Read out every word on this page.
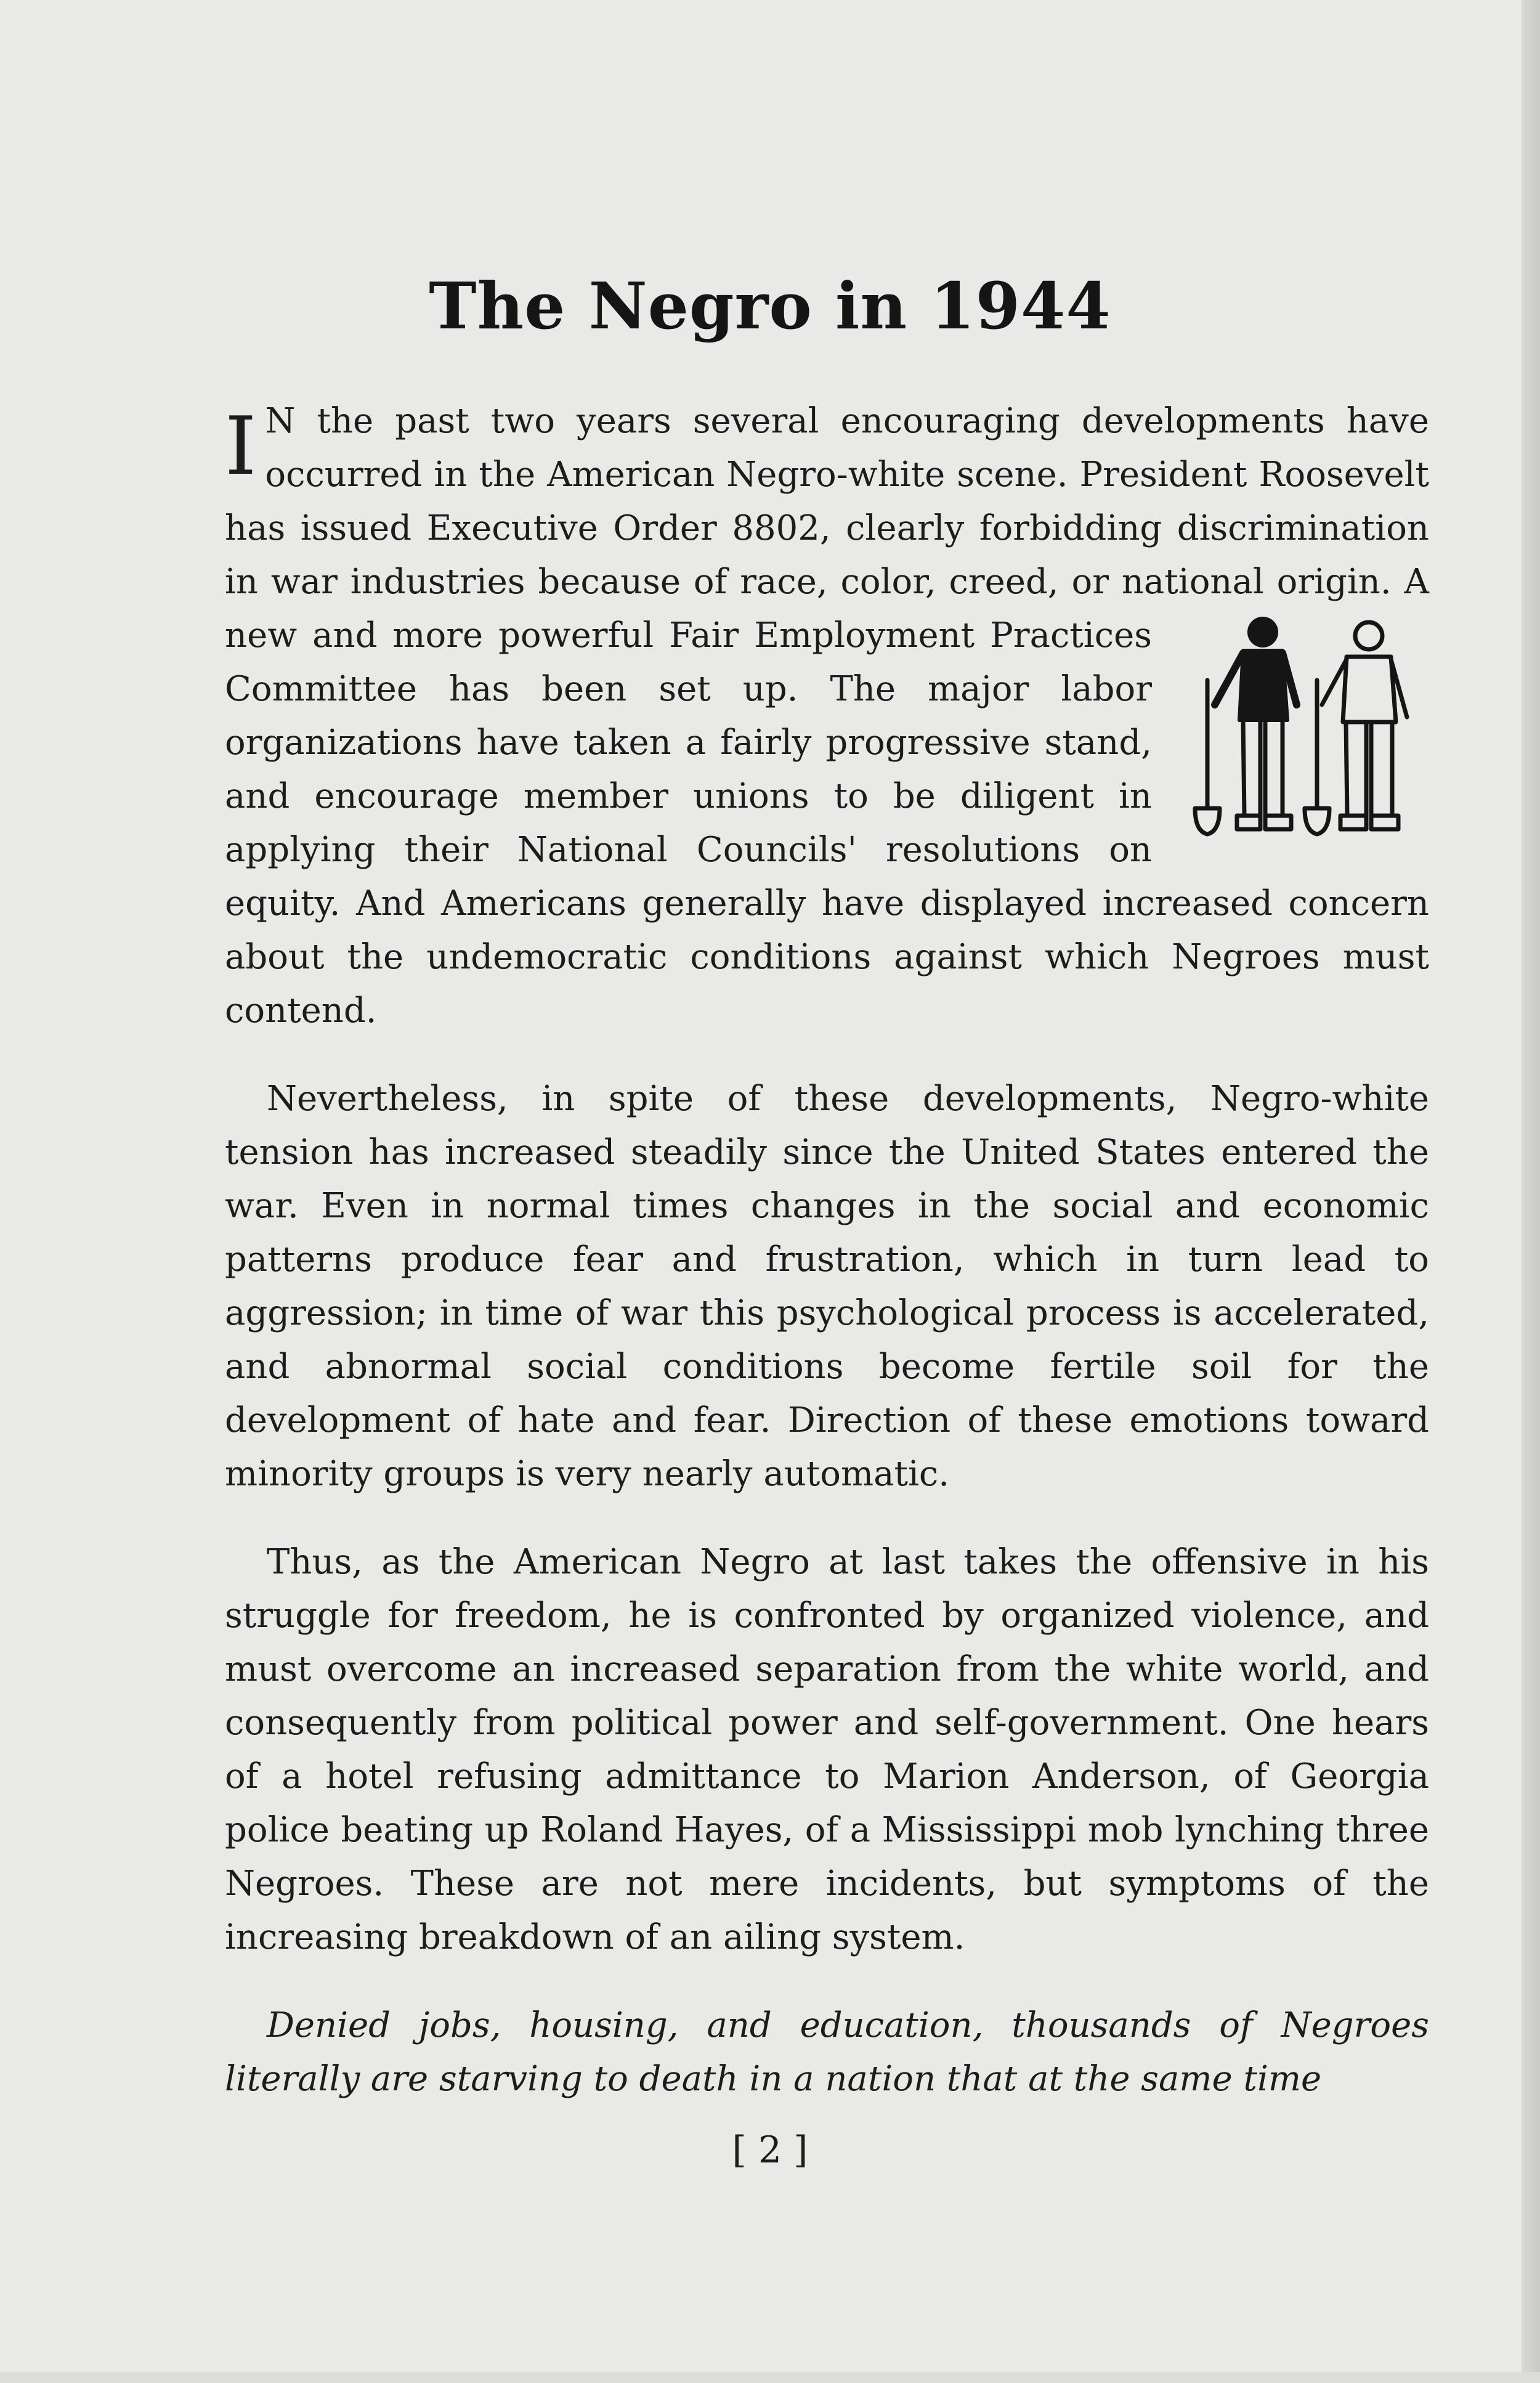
The Negro in 1944

I N the past two years several encouraging developments have occurred in the American Negro-white scene. President Roosevelt has issued Executive Order 8802, clearly forbidding discrimination in war industries because of race, color, creed, or national origin.
A new and more powerful Fair Employment Practices Committee has been set up. The major labor organizations have taken a fairly progressive stand, and encourage member unions to be diligent in applying their National Councils' resolutions on equity. And Americans generally have displayed increased concern about the undemocratic conditions against which Negroes must contend.

Nevertheless, in spite of these developments, Negro-white tension has increased steadily since the United States entered the war. Even in normal times changes in the social and economic patterns produce fear and frustration, which in turn lead to aggression; in time of war this psychological process is accelerated, and abnormal social conditions become fertile soil for the development of hate and fear. Direction of these emotions toward minority groups is very nearly automatic.

Thus, as the American Negro at last takes the offensive in his struggle for freedom, he is confronted by organized violence, and must overcome an increased separation from the white world, and consequently from political power and self-government. One hears of a hotel refusing admittance to Marion Anderson, of Georgia police beating up Roland Hayes, of a Mississippi mob lynching three Negroes. These are not mere incidents, but symptoms of the increasing breakdown of an ailing system.

Denied jobs, housing, and education, thousands of Negroes literally are starving to death in a nation that at the same time

[ 2 ]
